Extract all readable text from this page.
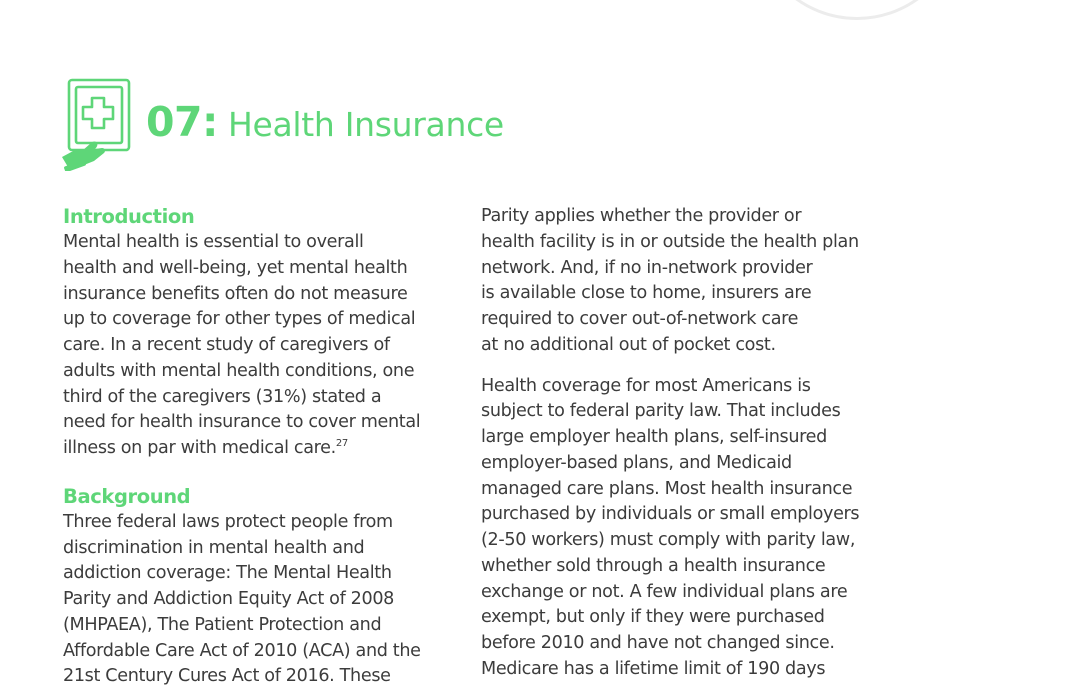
07: Health Insurance
Introduction
Mental health is essential to overall
health and well-being, yet mental health
insurance benefits often do not measure
up to coverage for other types of medical
care. In a recent study of caregivers of
adults with mental health conditions, one
third of the caregivers (31%) stated a
need for health insurance to cover mental
illness on par with medical care.$^{27}$
Background
Three federal laws protect people from
discrimination in mental health and
addiction coverage: The Mental Health
Parity and Addiction Equity Act of 2008
(MHPAEA), The Patient Protection and
Affordable Care Act of 2010 (ACA) and the
21st Century Cures Act of 2016. These
Parity applies whether the provider or
health facility is in or outside the health plan
network. And, if no in-network provider
is available close to home, insurers are
required to cover out-of-network care
at no additional out of pocket cost.
Health coverage for most Americans is
subject to federal parity law. That includes
large employer health plans, self-insured
employer-based plans, and Medicaid
managed care plans. Most health insurance
purchased by individuals or small employers
(2-50 workers) must comply with parity law,
whether sold through a health insurance
exchange or not. A few individual plans are
exempt, but only if they were purchased
before 2010 and have not changed since.
Medicare has a lifetime limit of 190 days
